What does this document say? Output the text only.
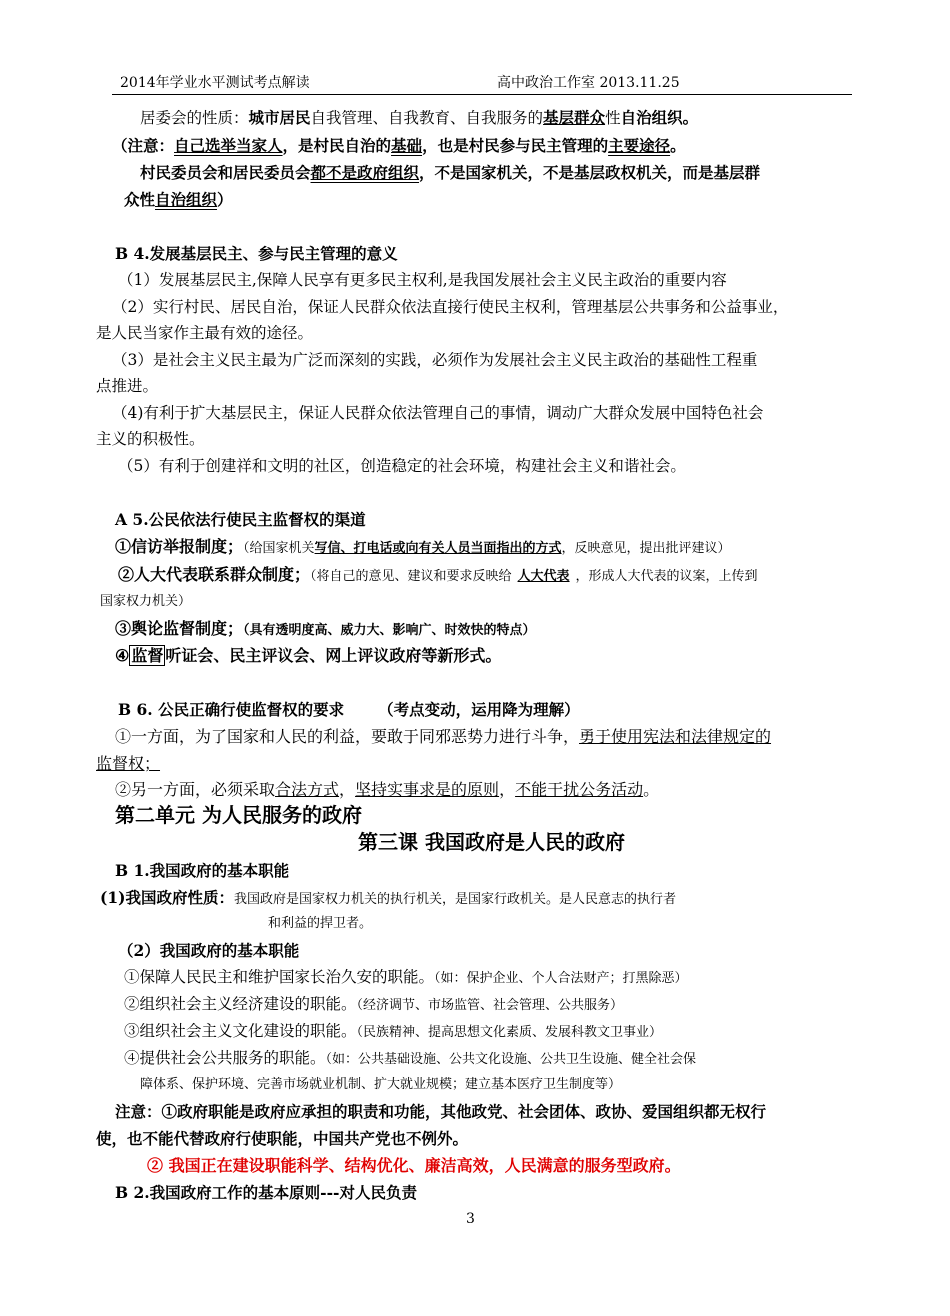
2014年学业水平测试考点解读	高中政治工作室 2013.11.25
居委会的性质：城市居民自我管理、自我教育、自我服务的基层群众性自治组织。
（注意：自己选举当家人，是村民自治的基础，也是村民参与民主管理的主要途径。
村民委员会和居民委员会都不是政府组织，不是国家机关，不是基层政权机关，而是基层群
众性自治组织）
B 4.发展基层民主、参与民主管理的意义
（1）发展基层民主,保障人民享有更多民主权利,是我国发展社会主义民主政治的重要内容
（2）实行村民、居民自治，保证人民群众依法直接行使民主权利，管理基层公共事务和公益事业，
是人民当家作主最有效的途径。
（3）是社会主义民主最为广泛而深刻的实践，必须作为发展社会主义民主政治的基础性工程重
点推进。
（4)有利于扩大基层民主，保证人民群众依法管理自己的事情，调动广大群众发展中国特色社会
主义的积极性。
（5）有利于创建祥和文明的社区，创造稳定的社会环境，构建社会主义和谐社会。
A 5.公民依法行使民主监督权的渠道
①信访举报制度；（给国家机关写信、打电话或向有关人员当面指出的方式，反映意见，提出批评建议）
②人大代表联系群众制度；（将自己的意见、建议和要求反映给 人大代表 ，形成人大代表的议案，上传到
国家权力机关）
③舆论监督制度；（具有透明度高、威力大、影响广、时效快的特点）
④ 监督 听证会、民主评议会、网上评议政府等新形式。
B 6. 公民正确行使监督权的要求 （考点变动，运用降为理解）
①一方面，为了国家和人民的利益，要敢于同邪恶势力进行斗争，勇于使用宪法和法律规定的
监督权；
②另一方面，必须采取合法方式，坚持实事求是的原则，不能干扰公务活动。
第二单元 为人民服务的政府
第三课 我国政府是人民的政府
B 1.我国政府的基本职能
(1)我国政府性质：我国政府是国家权力机关的执行机关，是国家行政机关。是人民意志的执行者
和利益的捍卫者。
（2）我国政府的基本职能
①保障人民民主和维护国家长治久安的职能。（如：保护企业、个人合法财产；打黑除恶）
②组织社会主义经济建设的职能。（经济调节、市场监管、社会管理、公共服务）
③组织社会主义文化建设的职能。（民族精神、提高思想文化素质、发展科教文卫事业）
④提供社会公共服务的职能。（如：公共基础设施、公共文化设施、公共卫生设施、健全社会保
障体系、保护环境、完善市场就业机制、扩大就业规模；建立基本医疗卫生制度等）
注意：①政府职能是政府应承担的职责和功能，其他政党、社会团体、政协、爱国组织都无权行
使，也不能代替政府行使职能，中国共产党也不例外。
② 我国正在建设职能科学、结构优化、廉洁高效，人民满意的服务型政府。
B 2.我国政府工作的基本原则---对人民负责
3
